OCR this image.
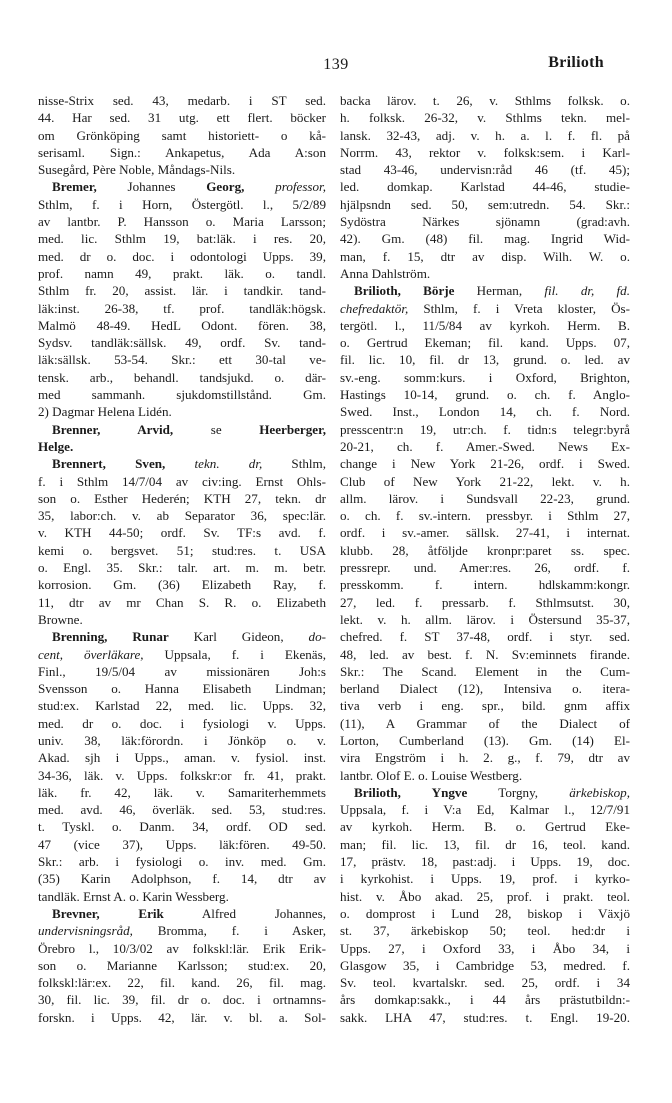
139	Brilioth
nisse-Strix sed. 43, medarb. i ST sed.
44. Har sed. 31 utg. ett flert. böcker
om Grönköping samt historiett- o kå-
serisaml. Sign.: Ankapetus, Ada A:son
Susegård, Père Noble, Måndags-Nils.
Bremer, Johannes Georg, professor,
Sthlm, f. i Horn, Östergötl. l., 5/2/89
av lantbr. P. Hansson o. Maria Larsson;
med. lic. Sthlm 19, bat:läk. i res. 20,
med. dr o. doc. i odontologi Upps. 39,
prof. namn 49, prakt. läk. o. tandl.
Sthlm fr. 20, assist. lär. i tandkir. tand-
läk:inst. 26-38, tf. prof. tandläk:högsk.
Malmö 48-49. HedL Odont. fören. 38,
Sydsv. tandläk:sällsk. 49, ordf. Sv. tand-
läk:sällsk. 53-54. Skr.: ett 30-tal ve-
tensk. arb., behandl. tandsjukd. o. där-
med sammanh. sjukdomstillstånd. Gm.
2) Dagmar Helena Lidén.
Brenner, Arvid, se Heerberger,
Helge.
Brennert, Sven, tekn. dr, Sthlm,
f. i Sthlm 14/7/04 av civ:ing. Ernst Ohls-
son o. Esther Hederén; KTH 27, tekn. dr
35, labor:ch. v. ab Separator 36, spec:lär.
v. KTH 44-50; ordf. Sv. TF:s avd. f.
kemi o. bergsvet. 51; stud:res. t. USA
o. Engl. 35. Skr.: talr. art. m. m. betr.
korrosion. Gm. (36) Elizabeth Ray, f.
11, dtr av mr Chan S. R. o. Elizabeth
Browne.
Brenning, Runar Karl Gideon, do-
cent, överläkare, Uppsala, f. i Ekenäs,
Finl., 19/5/04 av missionären Joh:s
Svensson o. Hanna Elisabeth Lindman;
stud:ex. Karlstad 22, med. lic. Upps. 32,
med. dr o. doc. i fysiologi v. Upps.
univ. 38, läk:förordn. i Jönköp o. v.
Akad. sjh i Upps., aman. v. fysiol. inst.
34-36, läk. v. Upps. folkskr:or fr. 41, prakt.
läk. fr. 42, läk. v. Samariterhemmets
med. avd. 46, överläk. sed. 53, stud:res.
t. Tyskl. o. Danm. 34, ordf. OD sed.
47 (vice 37), Upps. läk:fören. 49-50.
Skr.: arb. i fysiologi o. inv. med. Gm.
(35) Karin Adolphson, f. 14, dtr av
tandläk. Ernst A. o. Karin Wessberg.
Brevner, Erik Alfred Johannes,
undervisningsråd, Bromma, f. i Asker,
Örebro l., 10/3/02 av folkskl:lär. Erik Erik-
son o. Marianne Karlsson; stud:ex. 20,
folkskl:lär:ex. 22, fil. kand. 26, fil. mag.
30, fil. lic. 39, fil. dr o. doc. i ortnamns-
forskn. i Upps. 42, lär. v. bl. a. Sol-
backa lärov. t. 26, v. Sthlms folksk. o.
h. folksk. 26-32, v. Sthlms tekn. mel-
lansk. 32-43, adj. v. h. a. l. f. fl. på
Norrm. 43, rektor v. folksk:sem. i Karl-
stad 43-46, undervisn:råd 46 (tf. 45);
led. domkap. Karlstad 44-46, studie-
hjälpsndn sed. 50, sem:utredn. 54. Skr.:
Sydöstra Närkes sjönamn (grad:avh.
42). Gm. (48) fil. mag. Ingrid Wid-
man, f. 15, dtr av disp. Wilh. W. o.
Anna Dahlström.
Brilioth, Börje Herman, fil. dr, fd.
chefredaktör, Sthlm, f. i Vreta kloster, Ös-
tergötl. l., 11/5/84 av kyrkoh. Herm. B.
o. Gertrud Ekeman; fil. kand. Upps. 07,
fil. lic. 10, fil. dr 13, grund. o. led. av
sv.-eng. somm:kurs. i Oxford, Brighton,
Hastings 10-14, grund. o. ch. f. Anglo-
Swed. Inst., London 14, ch. f. Nord.
presscentr:n 19, utr:ch. f. tidn:s telegr:byrå
20-21, ch. f. Amer.-Swed. News Ex-
change i New York 21-26, ordf. i Swed.
Club of New York 21-22, lekt. v. h.
allm. lärov. i Sundsvall 22-23, grund.
o. ch. f. sv.-intern. pressbyr. i Sthlm 27,
ordf. i sv.-amer. sällsk. 27-41, i internat.
klubb. 28, åtföljde kronpr:paret ss. spec.
pressrepr. und. Amer:res. 26, ordf. f.
presskomm. f. intern. hdlskamm:kongr.
27, led. f. pressarb. f. Sthlmsutst. 30,
lekt. v. h. allm. lärov. i Östersund 35-37,
chefred. f. ST 37-48, ordf. i styr. sed.
48, led. av best. f. N. Sv:eminnets firande.
Skr.: The Scand. Element in the Cum-
berland Dialect (12), Intensiva o. itera-
tiva verb i eng. spr., bild. gnm affix
(11), A Grammar of the Dialect of
Lorton, Cumberland (13). Gm. (14) El-
vira Engström i h. 2. g., f. 79, dtr av
lantbr. Olof E. o. Louise Westberg.
Brilioth, Yngve Torgny, ärkebiskop,
Uppsala, f. i V:a Ed, Kalmar l., 12/7/91
av kyrkoh. Herm. B. o. Gertrud Eke-
man; fil. lic. 13, fil. dr 16, teol. kand.
17, prästv. 18, past:adj. i Upps. 19, doc.
i kyrkohist. i Upps. 19, prof. i kyrko-
hist. v. Åbo akad. 25, prof. i prakt. teol.
o. domprost i Lund 28, biskop i Växjö
st. 37, ärkebiskop 50; teol. hed:dr i
Upps. 27, i Oxford 33, i Åbo 34, i
Glasgow 35, i Cambridge 53, medred. f.
Sv. teol. kvartalskr. sed. 25, ordf. i 34
års domkap:sakk., i 44 års prästutbildn:-
sakk. LHA 47, stud:res. t. Engl. 19-20.
